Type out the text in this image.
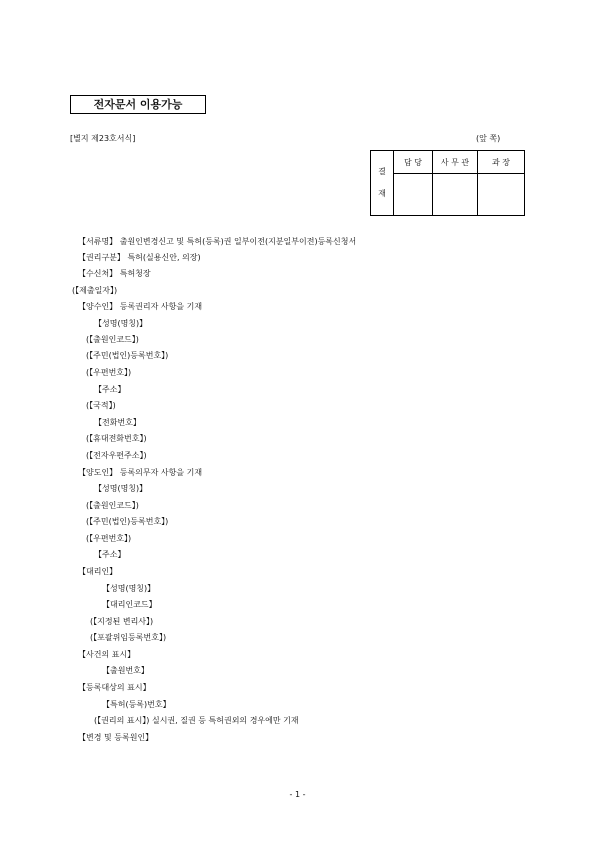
전자문서 이용가능
[별지 제23호서식]	(앞 쪽)
결 재	담 당	사 무 관	과 장

【서류명】 출원인변경신고 및 특허(등록)권 일부이전(지분일부이전)등록신청서
【권리구분】 특허(실용신안, 의장)
【수신처】 특허청장
(【제출일자】)
【양수인】 등록권리자 사항을 기재
【성명(명칭)】
(【출원인코드】)
(【주민(법인)등록번호】)
(【우편번호】)
【주소】
(【국적】)
【전화번호】
(【휴대전화번호】)
(【전자우편주소】)
【양도인】 등록의무자 사항을 기재
【성명(명칭)】
(【출원인코드】)
(【주민(법인)등록번호】)
(【우편번호】)
【주소】
【대리인】
【성명(명칭)】
【대리인코드】
(【지정된 변리사】)
(【포괄위임등록번호】)
【사건의 표시】
【출원번호】
【등록대상의 표시】
【특허(등록)번호】
(【권리의 표시】) 실시권, 질권 등 특허권외의 경우에만 기재
【변경 및 등록원인】
- 1 -
